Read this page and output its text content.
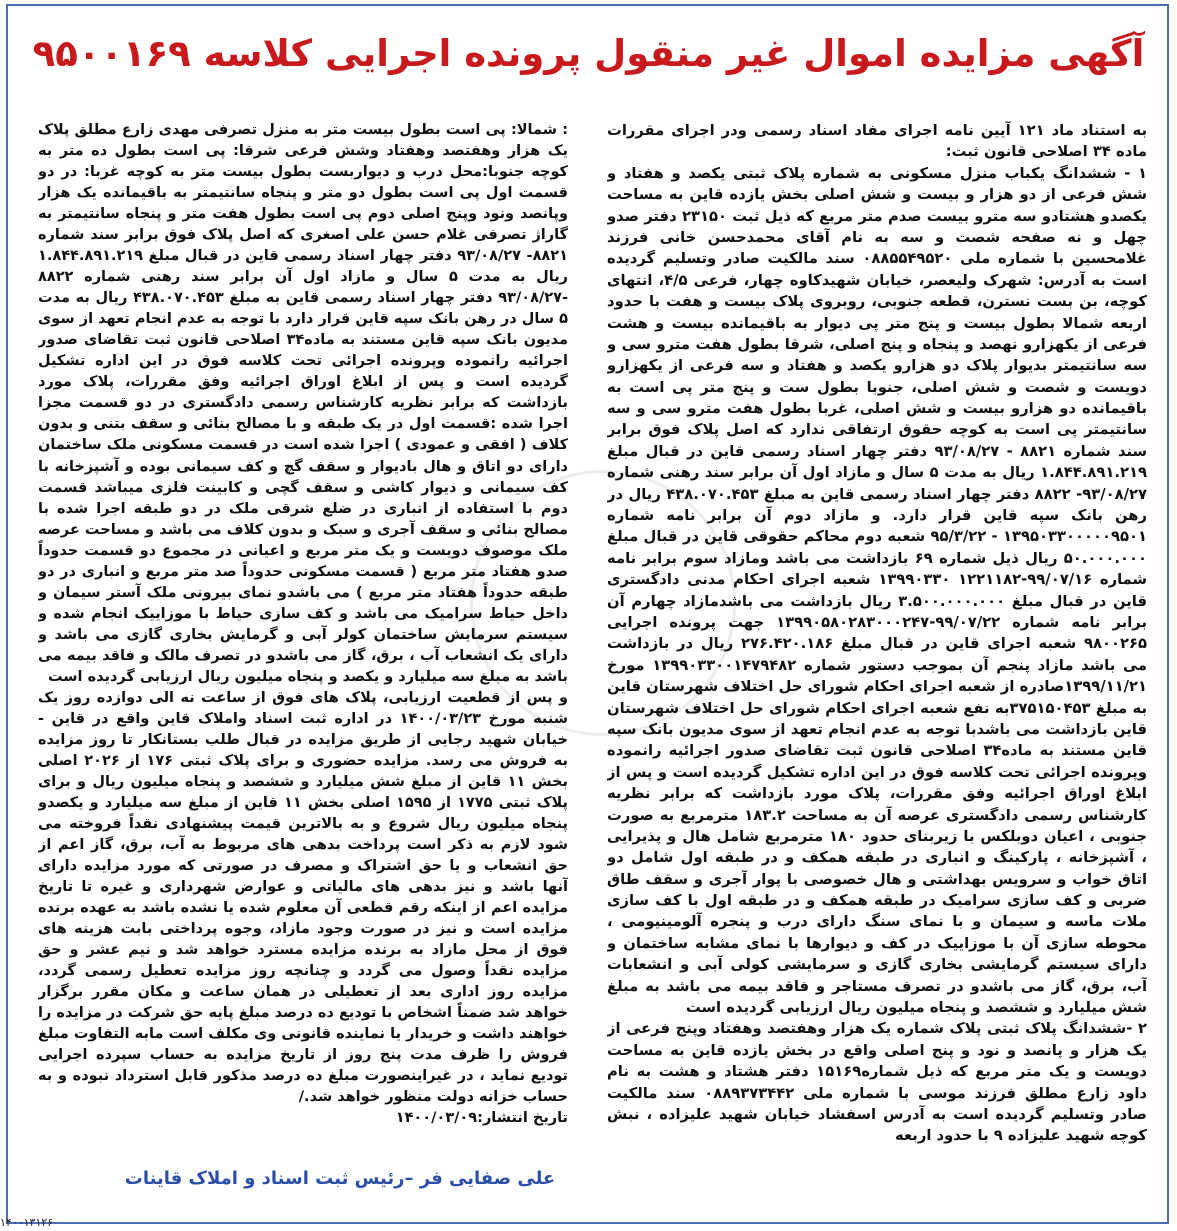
آگهی مزایده اموال غیر منقول پرونده اجرایی کلاسه ۹۵۰۰۱۶۹

به استناد ماد ۱۲۱ آیین نامه اجرای مفاد اسناد رسمی ودر اجرای مقررات ماده ۳۴ اصلاحی قانون ثبت:

۱ - ششدانگ یکباب منزل مسکونی به شماره پلاک ثبتی یکصد و هفتاد و شش فرعی از دو هزار و بیست و شش اصلی بخش یازده قاین به مساحت یکصدو هشتادو سه مترو بیست صدم متر مربع که ذیل ثبت ۲۳۱۵۰ دفتر صدو چهل و نه صفحه شصت و سه به نام آقای محمدحسن خانی فرزند غلامحسین با شماره ملی ۰۸۸۵۵۴۹۵۲۰ سند مالکیت صادر وتسلیم گردیده است به آدرس: شهرک ولیعصر، خیابان شهیدکاوه چهار، فرعی ۴/۵، انتهای کوچه، بن بست نسترن، قطعه جنوبی، روبروی پلاک بیست و هفت با حدود اربعه شمالا بطول بیست و پنج متر پی دیوار به باقیمانده بیست و هشت فرعی از یکهزارو نهصد و پنجاه و پنج اصلی، شرقا بطول هفت مترو سی و سه سانتیمتر بدیوار پلاک دو هزارو یکصد و هفتاد و سه فرعی از یکهزارو دویست و شصت و شش اصلی، جنوبا بطول ست و پنج متر پی است به باقیمانده دو هزارو بیست و شش اصلی، غربا بطول هفت مترو سی و سه سانتیمتر پی است به کوچه حقوق ارتفاقی ندارد که اصل پلاک فوق برابر سند شماره ۸۸۲۱ - ۹۳/۰۸/۲۷ دفتر چهار اسناد رسمی قاین در قبال مبلغ ۱.۸۴۴.۸۹۱.۲۱۹ ریال به مدت ۵ سال و مازاد اول آن برابر سند رهنی شماره ۹۳/۰۸/۲۷- ۸۸۲۲ دفتر چهار اسناد رسمی قاین به مبلغ ۴۳۸.۰۷۰.۴۵۳ ریال در رهن بانک سپه قاین قرار دارد. و مازاد دوم آن برابر نامه شماره ۱۳۹۵۰۳۳۰۰۰۰۰۹۵۰۱ - ۹۵/۳/۲۲ شعبه دوم محاکم حقوقی قاین در قبال مبلغ ۵۰.۰۰۰.۰۰۰ ریال ذیل شماره ۶۹ بازداشت می باشد ومازاد سوم برابر نامه شماره ۹۹/۰۷/۱۶-۱۲۲۱۱۸۲ ۱۳۹۹۰۳۳۰ شعبه اجرای احکام مدنی دادگستری قاین در قبال مبلغ ۳.۵۰۰.۰۰۰.۰۰۰ ریال بازداشت می باشدمازاد چهارم آن برابر نامه شماره ۹۹/۰۷/۲۲-۱۳۹۹۰۵۸۰۲۸۳۰۰۰۲۴۷ جهت پرونده اجرایی ۹۸۰۰۲۶۵ شعبه اجرای قاین در قبال مبلغ ۲۷۶.۴۲۰.۱۸۶ ریال در بازداشت می باشد مازاد پنجم آن بموجب دستور شماره ۱۳۹۹۰۳۳۰۰۱۴۷۹۴۸۲ مورخ ۱۳۹۹/۱۱/۲۱صادره از شعبه اجرای احکام شورای حل اختلاف شهرستان قاین به مبلغ ۳۷۵۱۵۰۴۵۳به نفع شعبه اجرای احکام شورای حل اختلاف شهرستان قاین بازداشت می باشدبا توجه به عدم انجام تعهد از سوی مدیون بانک سپه قاین مستند به ماده۳۴ اصلاحی قانون ثبت تقاضای صدور اجرائیه رانموده وپرونده اجرائی تحت کلاسه فوق در این اداره تشکیل گردیده است و پس از ابلاغ اوراق اجرائیه وفق مقررات، پلاک مورد بازداشت که برابر نظریه کارشناس رسمی دادگستری عرصه آن به مساحت ۱۸۳.۲ مترمربع به صورت جنوبی ، اعیان دوبلکس با زیربنای حدود ۱۸۰ مترمربع شامل هال و پذیرایی ، آشپزخانه ، پارکینگ و انباری در طبقه همکف و در طبقه اول شامل دو اتاق خواب و سرویس بهداشتی و هال خصوصی با پوار آجری و سقف طاق ضربی و کف سازی سرامیک در طبقه همکف و در طبقه اول با کف سازی ملات ماسه و سیمان و با نمای سنگ دارای درب و پنجره آلومینیومی ، محوطه سازی آن با موزاییک در کف و دیوارها با نمای مشابه ساختمان و دارای سیستم گرمایشی بخاری گازی و سرمایشی کولی آبی و انشعابات آب، برق، گاز می باشدو در تصرف مستاجر و فاقد بیمه می باشد به مبلغ شش میلیارد و ششصد و پنجاه میلیون ریال ارزیابی گردیده است

۲ -ششدانگ پلاک ثبتی پلاک شماره یک هزار وهفتصد وهفتاد وپنج فرعی از یک هزار و پانصد و نود و پنج اصلی واقع در بخش یازده قاین به مساحت دویست و یک متر مربع که ذیل شماره۱۵۱۶۹ دفتر هشتاد و هشت به نام داود زارع مطلق فرزند موسی با شماره ملی ۰۸۸۹۳۷۳۴۴۲ سند مالکیت صادر وتسلیم گردیده است به آدرس اسفشاد خیابان شهید علیزاده ، نبش کوچه شهید علیزاده ۹ با حدود اربعه

: شمالا: پی است بطول بیست متر به منزل تصرفی مهدی زارع مطلق پلاک یک هزار وهفتصد وهفتاد وشش فرعی شرقا: پی است بطول ده متر به کوچه جنوبا:محل درب و دیواربست بطول بیست متر به کوچه غربا: در دو قسمت اول پی است بطول دو متر و پنجاه سانتیمتر به باقیمانده یک هزار وپانصد ونود وپنج اصلی دوم پی است بطول هفت متر و پنجاه سانتیمتر به گاراژ تصرفی غلام حسن علی اصغری که اصل پلاک فوق برابر سند شماره ۸۸۲۱- ۹۳/۰۸/۲۷ دفتر چهار اسناد رسمی قاین در قبال مبلغ ۱.۸۴۴.۸۹۱.۲۱۹ ریال به مدت ۵ سال و مازاد اول آن برابر سند رهنی شماره ۸۸۲۲ -۹۳/۰۸/۲۷ دفتر چهار اسناد رسمی قاین به مبلغ ۴۳۸.۰۷۰.۴۵۳ ریال به مدت ۵ سال در رهن بانک سپه قاین قرار دارد با توجه به عدم انجام تعهد از سوی مدیون بانک سپه قاین مستند به ماده۳۴ اصلاحی قانون ثبت تقاضای صدور اجرائیه رانموده وپرونده اجرائی تحت کلاسه فوق در این اداره تشکیل گردیده است و پس از ابلاغ اوراق اجرائیه وفق مقررات، پلاک مورد بازداشت که برابر نظریه کارشناس رسمی دادگستری در دو قسمت مجزا اجرا شده :قسمت اول در یک طبقه و با مصالح بنائی و سقف بتنی و بدون کلاف ( افقی و عمودی ) اجرا شده است در قسمت مسکونی ملک ساختمان دارای دو اتاق و هال بادیوار و سقف گچ و کف سیمانی بوده و آشپزخانه با کف سیمانی و دیوار کاشی و سقف گچی و کابینت فلزی میباشد قسمت دوم با استفاده از انباری در ضلع شرقی ملک در دو طبقه اجرا شده با مصالح بنائی و سقف آجری و سبک و بدون کلاف می باشد و مساحت عرصه ملک موصوف دویست و یک متر مربع و اعیانی در مجموع دو قسمت حدوداً صدو هفتاد متر مربع ( قسمت مسکونی حدوداً صد متر مربع و انباری در دو طبقه حدوداً هفتاد متر مربع ) می باشدو نمای بیرونی ملک آستر سیمان و داخل حیاط سرامیک می باشد و کف سازی حیاط با موزاییک انجام شده و سیستم سرمایش ساختمان کولر آبی و گرمایش بخاری گازی می باشد و دارای یک انشعاب آب ، برق، گاز می باشدو در تصرف مالک و فاقد بیمه می باشد به مبلغ سه میلیارد و یکصد و پنجاه میلیون ریال ارزیابی گردیده است

و پس از قطعیت ارزیابی، پلاک های فوق از ساعت نه الی دوازده روز یک شنبه مورخ ۱۴۰۰/۰۳/۲۳ در اداره ثبت اسناد واملاک قاین واقع در قاین - خیابان شهید رجایی از طریق مزایده در قبال طلب بستانکار تا روز مزایده به فروش می رسد. مزایده حضوری و برای پلاک ثبتی ۱۷۶ از ۲۰۲۶ اصلی بخش ۱۱ قاین از مبلغ شش میلیارد و ششصد و پنجاه میلیون ریال و برای پلاک ثبتی ۱۷۷۵ از ۱۵۹۵ اصلی بخش ۱۱ قاین از مبلغ سه میلیارد و یکصدو پنجاه میلیون ریال شروع و به بالاترین قیمت پیشنهادی نقداً فروخته می شود لازم به ذکر است پرداخت بدهی های مربوط به آب، برق، گاز اعم از حق انشعاب و یا حق اشتراک و مصرف در صورتی که مورد مزایده دارای آنها باشد و نیز بدهی های مالیاتی و عوارض شهرداری و غیره تا تاریخ مزایده اعم از اینکه رقم قطعی آن معلوم شده یا نشده باشد به عهده برنده مزایده است و نیز در صورت وجود مازاد، وجوه پرداختی بابت هزینه های فوق از محل مازاد به برنده مزایده مسترد خواهد شد و نیم عشر و حق مزایده نقداً وصول می گردد و چنانچه روز مزایده تعطیل رسمی گردد، مزایده روز اداری بعد از تعطیلی در همان ساعت و مکان مقرر برگزار خواهد شد ضمناً اشخاص با تودیع ده درصد مبلغ پایه حق شرکت در مزایده را خواهند داشت و خریدار یا نماینده قانونی وی مکلف است مابه التفاوت مبلغ فروش را ظرف مدت پنج روز از تاریخ مزایده به حساب سپرده اجرایی تودیع نماید ، در غیراینصورت مبلغ ده درصد مذکور قابل استرداد نبوده و به حساب خزانه دولت منظور خواهد شد./

تاریخ انتشار:۱۴۰۰/۰۳/۰۹

علی صفایی فر –رئیس ثبت اسناد و املاک قاینات
۱۴۰۰۱۳۱۲۶
